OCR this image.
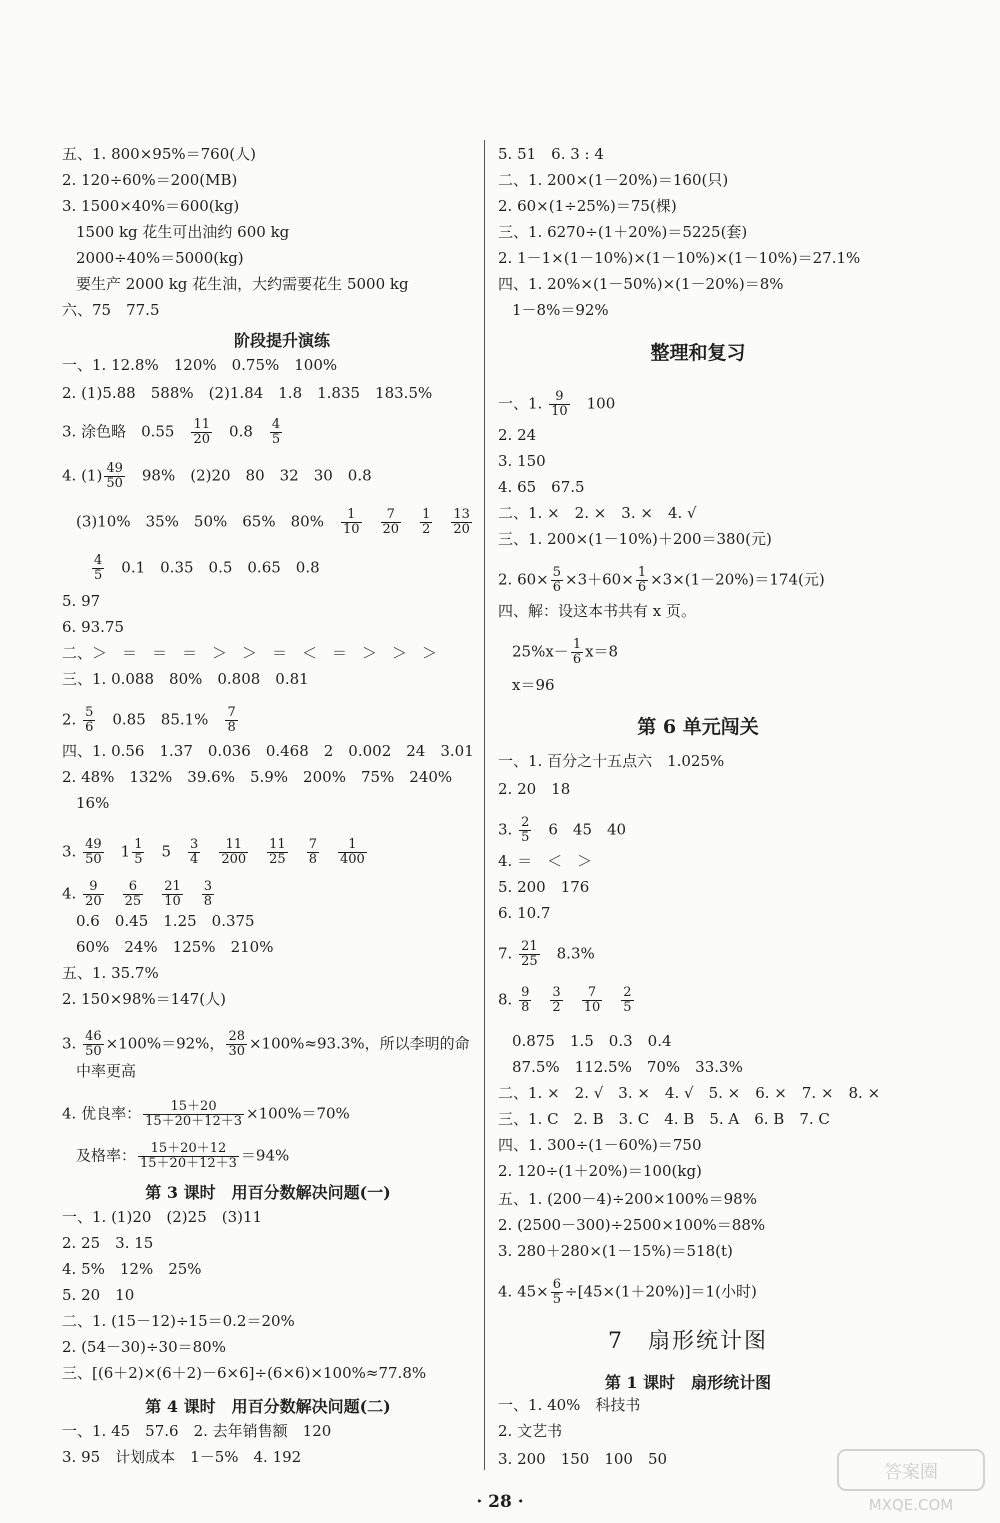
五、1. 800×95%＝760(人)
2. 120÷60%＝200(MB)
3. 1500×40%＝600(kg)
1500 kg 花生可出油约 600 kg
2000÷40%＝5000(kg)
要生产 2000 kg 花生油，大约需要花生 5000 kg
六、75　77.5
阶段提升演练
一、1. 12.8%　120%　0.75%　100%
2. (1)5.88　588%　(2)1.84　1.8　1.835　183.5%
3. 涂色略　0.55　 $\frac{11}{20}$ 　0.8　 $\frac{4}{5}$
4. $(1) \frac{49}{50}$ 　98%　(2)20　80　32　30　0.8
(3)10%　35%　50%　65%　80%　 $\frac{1}{10}$
　 $\frac{7}{20}$
　 $\frac{1}{2}$
　 $\frac{13}{20}$
$\frac{4}{5}$ 　0.1　0.35　0.5　0.65　0.8
5. 97
6. 93.75
二、＞　＝　＝　＝　＞　＞　＝　＜　＝　＞　＞　＞
三、1. 0.088　80%　0.808　0.81
2. $\frac{5}{6}$ 　0.85　85.1%　 $\frac{7}{8}$
四、1. 0.56　1.37　0.036　0.468　2　0.002　24　3.01
2. 48%　132%　39.6%　5.9%　200%　75%　240%
16%
3. $\frac{49}{50}$ 　$1 \frac{1}{5}$ 　5　 $\frac{3}{4}$
　 $\frac{11}{200}$
　 $\frac{11}{25}$
　 $\frac{7}{8}$
　 $\frac{1}{400}$
4. $\frac{9}{20}$
　 $\frac{6}{25}$
　 $\frac{21}{10}$
　 $\frac{3}{8}$
0.6　0.45　1.25　0.375
60%　24%　125%　210%
五、1. 35.7%
2. 150×98%＝147(人)
3. $\frac{46}{50} \times 100\%=92\%$， $\frac{28}{30} \times 100\%\approx 93.3\%$，所以李明的命
中率更高
4. 优良率： $\frac{15+20}{15+20+12+3} \times 100\%=70\%$
及格率： $\frac{15+20+12}{15+20+12+3} =94\%$
第 3 课时　用百分数解决问题(一)
一、1. (1)20　(2)25　(3)11
2. 25　3. 15
4. 5%　12%　25%
5. 20　10
二、1. (15－12)÷15＝0.2＝20%
2. (54－30)÷30＝80%
三、[(6＋2)×(6＋2)－6×6]÷(6×6)×100%≈77.8%
第 4 课时　用百分数解决问题(二)
一、1. 45　57.6　2. 去年销售额　120
3. 95　计划成本　1－5%　4. 192
5. 51　6. 3 : 4
二、1. 200×(1－20%)＝160(只)
2. 60×(1÷25%)＝75(棵)
三、1. 6270÷(1＋20%)＝5225(套)
2. 1－1×(1－10%)×(1－10%)×(1－10%)＝27.1%
四、1. 20%×(1－50%)×(1－20%)＝8%
1－8%＝92%
整理和复习
一、1. $\frac{9}{10}$ 　100
2. 24
3. 150
4. 65　67.5
二、1. ×　2. ×　3. ×　4. √
三、1. 200×(1－10%)＋200＝380(元)
2. $60\times \frac{5}{6} \times 3+60\times \frac{1}{6} \times 3\times(1-20\%)=174$(元)
四、解：设这本书共有 x 页。
$25\%x- \frac{1}{6} x=8$
x＝96
第 6 单元闯关
一、1. 百分之十五点六　1.025%
2. 20　18
3. $\frac{2}{5}$ 　6　45　40
4. ＝　＜　＞
5. 200　176
6. 10.7
7. $\frac{21}{25}$ 　8.3%
8. $\frac{9}{8}$
　 $\frac{3}{2}$
　 $\frac{7}{10}$
　 $\frac{2}{5}$
0.875　1.5　0.3　0.4
87.5%　112.5%　70%　33.3%
二、1. ×　2. √　3. ×　4. √　5. ×　6. ×　7. ×　8. ×
三、1. C　2. B　3. C　4. B　5. A　6. B　7. C
四、1. 300÷(1－60%)＝750
2. 120÷(1＋20%)＝100(kg)
五、1. (200－4)÷200×100%＝98%
2. (2500－300)÷2500×100%＝88%
3. 280＋280×(1－15%)＝518(t)
4. $45\times \frac{6}{5} \div[45\times(1+20\%)]=1$(小时)
7　扇形统计图
第 1 课时　扇形统计图
一、1. 40%　科技书
2. 文艺书
3. 200　150　100　50
· 28 ·
答案圈
MXQE.COM
